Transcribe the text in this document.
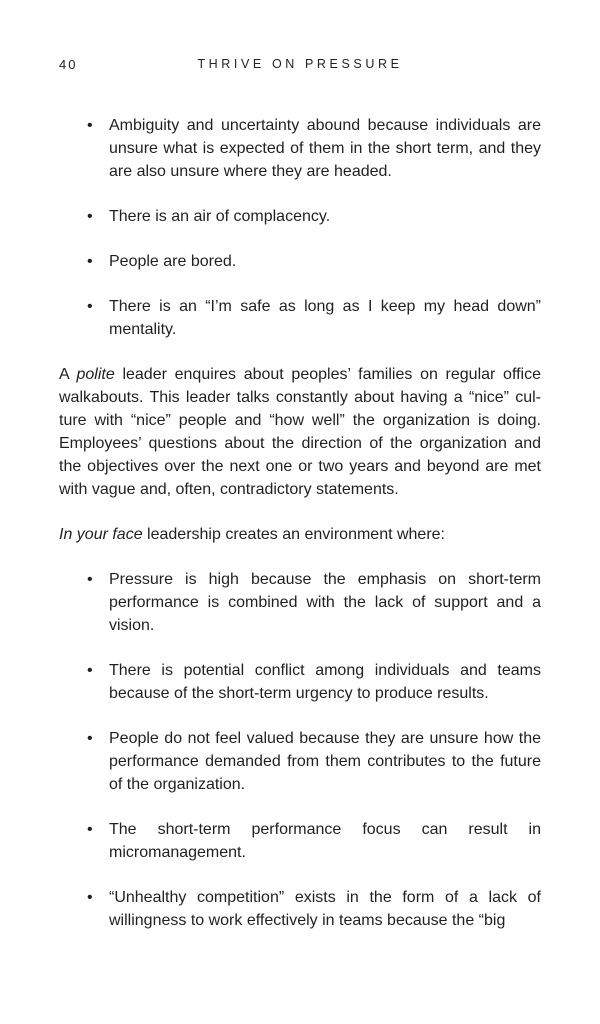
40	THRIVE ON PRESSURE
• Ambiguity and uncertainty abound because individuals are unsure what is expected of them in the short term, and they are also unsure where they are headed.
• There is an air of complacency.
• People are bored.
• There is an “I’m safe as long as I keep my head down” mentality.

A polite leader enquires about peoples’ families on regular office walkabouts. This leader talks constantly about having a “nice” cul-ture with “nice” people and “how well” the organization is doing. Employees’ questions about the direction of the organization and the objectives over the next one or two years and beyond are met with vague and, often, contradictory statements.

In your face leadership creates an environment where:

• Pressure is high because the emphasis on short-term performance is combined with the lack of support and a vision.
• There is potential conflict among individuals and teams because of the short-term urgency to produce results.
• People do not feel valued because they are unsure how the performance demanded from them contributes to the future of the organization.
• The short-term performance focus can result in micromanagement.
• “Unhealthy competition” exists in the form of a lack of willingness to work effectively in teams because the “big
